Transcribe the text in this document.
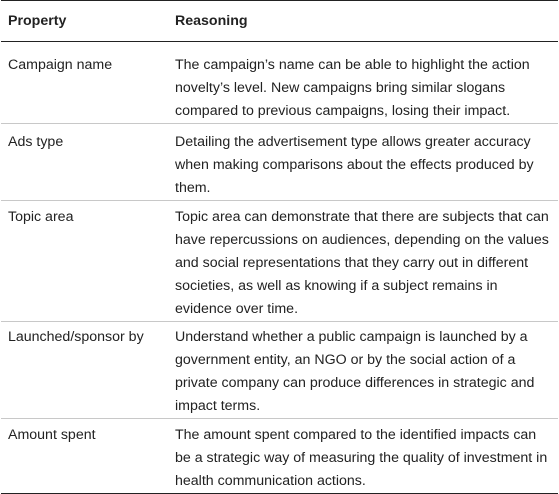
Property	Reasoning
Campaign name	The campaign’s name can be able to highlight the action novelty’s level. New campaigns bring similar slogans compared to previous campaigns, losing their impact.
Ads type	Detailing the advertisement type allows greater accuracy when making comparisons about the effects produced by them.
Topic area	Topic area can demonstrate that there are subjects that can have repercussions on audiences, depending on the values and social representations that they carry out in different societies, as well as knowing if a subject remains in evidence over time.
Launched/sponsor by	Understand whether a public campaign is launched by a government entity, an NGO or by the social action of a private company can produce differences in strategic and impact terms.
Amount spent	The amount spent compared to the identified impacts can be a strategic way of measuring the quality of investment in health communication actions.
